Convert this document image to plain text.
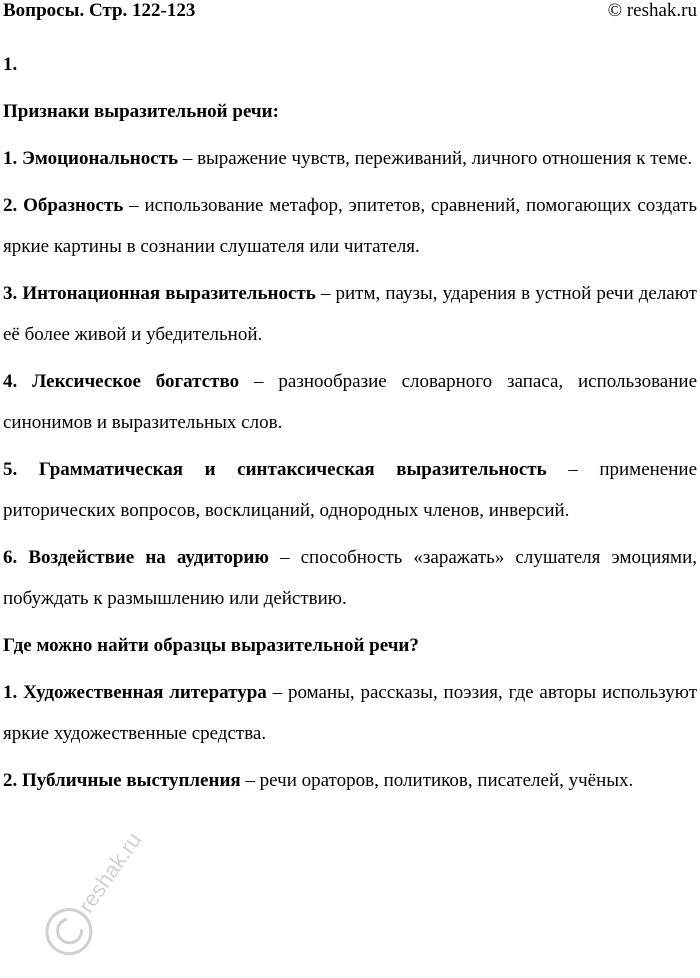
Вопросы. Стр. 122-123	© reshak.ru

1.

Признаки выразительной речи:

1. Эмоциональность – выражение чувств, переживаний, личного отношения к теме.

2. Образность – использование метафор, эпитетов, сравнений, помогающих создать яркие картины в сознании слушателя или читателя.

3. Интонационная выразительность – ритм, паузы, ударения в устной речи делают её более живой и убедительной.

4. Лексическое богатство – разнообразие словарного запаса, использование синонимов и выразительных слов.

5. Грамматическая и синтаксическая выразительность – применение риторических вопросов, восклицаний, однородных членов, инверсий.

6. Воздействие на аудиторию – способность «заражать» слушателя эмоциями, побуждать к размышлению или действию.

Где можно найти образцы выразительной речи?

1. Художественная литература – романы, рассказы, поэзия, где авторы используют яркие художественные средства.

2. Публичные выступления – речи ораторов, политиков, писателей, учёных.

reshak.ru
